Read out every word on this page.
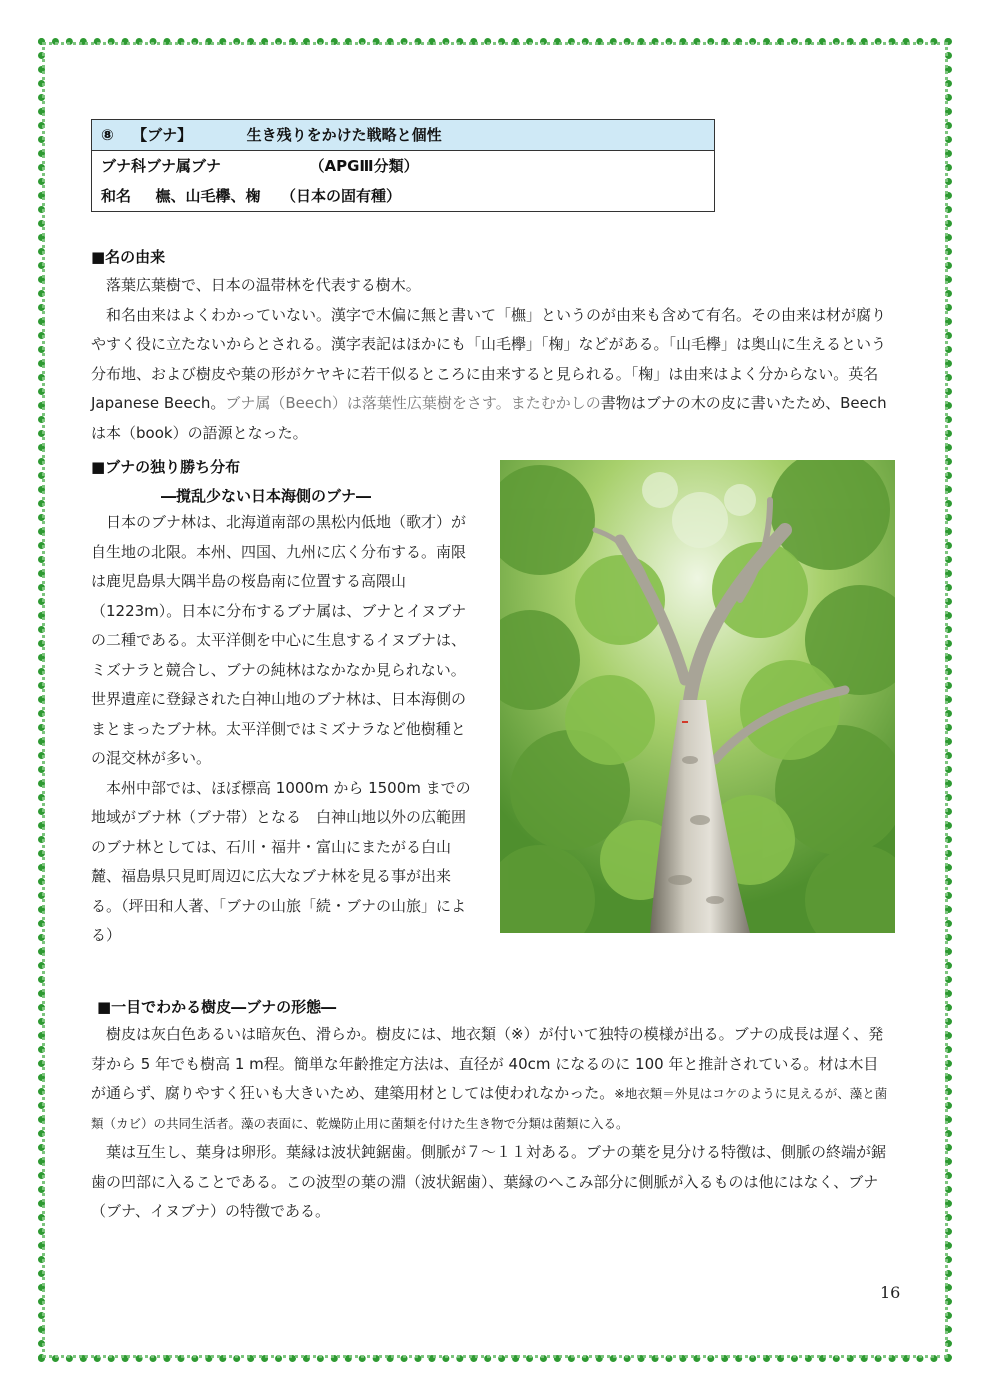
⑧ 【ブナ】	生き残りをかけた戦略と個性
ブナ科ブナ属ブナ	（APGⅢ分類）
和名 橅、山毛欅、椈 （日本の固有種）
■名の由来

落葉広葉樹で、日本の温帯林を代表する樹木。

和名由来はよくわかっていない。漢字で木偏に無と書いて「橅」というのが由来も含めて有名。その由来は材が腐りやすく役に立たないからとされる。漢字表記はほかにも「山毛欅」「椈」などがある。「山毛欅」は奥山に生えるという分布地、および樹皮や葉の形がケヤキに若干似るところに由来すると見られる。「椈」は由来はよく分からない。英名 Japanese Beech。ブナ属（Beech）は落葉性広葉樹をさす。またむかしの書物はブナの木の皮に書いたため、Beech は本（book）の語源となった。

■ブナの独り勝ち分布
―撹乱少ない日本海側のブナ―

日本のブナ林は、北海道南部の黒松内低地（歌才）が自生地の北限。本州、四国、九州に広く分布する。南限は鹿児島県大隅半島の桜島南に位置する高隈山（1223m）。日本に分布するブナ属は、ブナとイヌブナの二種である。太平洋側を中心に生息するイヌブナは、ミズナラと競合し、ブナの純林はなかなか見られない。世界遺産に登録された白神山地のブナ林は、日本海側のまとまったブナ林。太平洋側ではミズナラなど他樹種との混交林が多い。

本州中部では、ほぼ標高 1000m から 1500m までの地域がブナ林（ブナ帯）となる　白神山地以外の広範囲のブナ林としては、石川・福井・富山にまたがる白山麓、福島県只見町周辺に広大なブナ林を見る事が出来る。（坪田和人著、「ブナの山旅「続・ブナの山旅」による）

■一目でわかる樹皮―ブナの形態―

樹皮は灰白色あるいは暗灰色、滑らか。樹皮には、地衣類（※）が付いて独特の模様が出る。ブナの成長は遅く、発芽から 5 年でも樹高 1 m程。簡単な年齢推定方法は、直径が 40cm になるのに 100 年と推計されている。材は木目が通らず、腐りやすく狂いも大きいため、建築用材としては使われなかった。※地衣類＝外見はコケのように見えるが、藻と菌類（カビ）の共同生活者。藻の表面に、乾燥防止用に菌類を付けた生き物で分類は菌類に入る。

葉は互生し、葉身は卵形。葉縁は波状鈍鋸歯。側脈が７～１１対ある。ブナの葉を見分ける特徴は、側脈の終端が鋸歯の凹部に入ることである。この波型の葉の淵（波状鋸歯）、葉縁のへこみ部分に側脈が入るものは他にはなく、ブナ（ブナ、イヌブナ）の特徴である。

16
